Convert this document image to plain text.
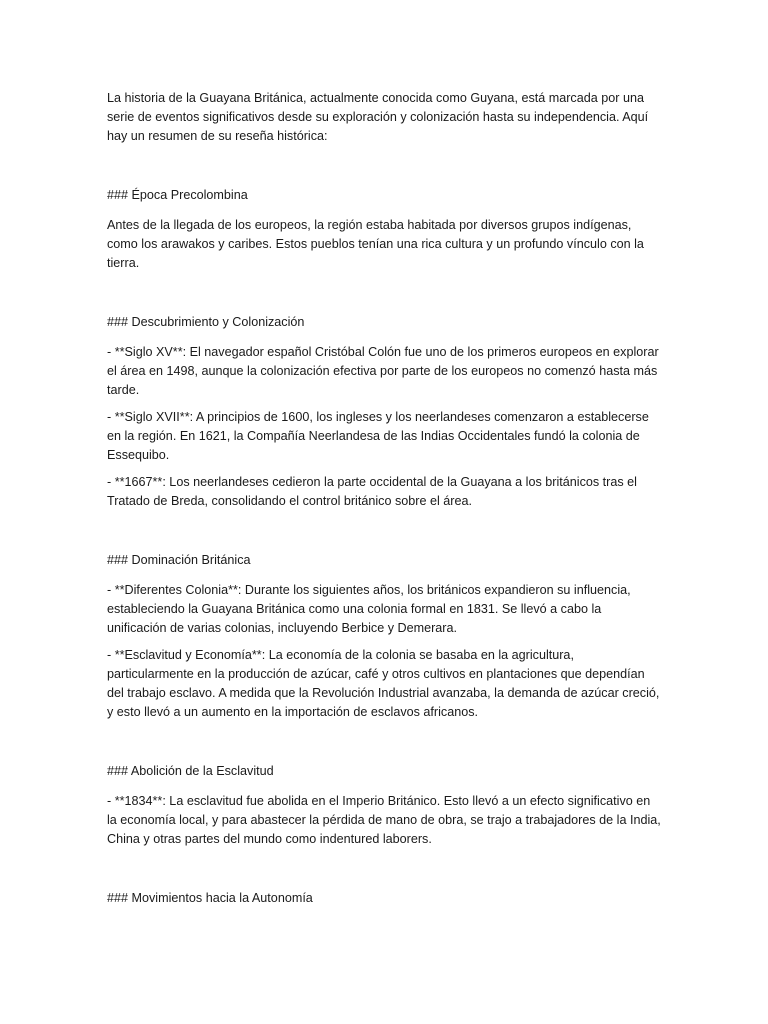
La historia de la Guayana Británica, actualmente conocida como Guyana, está marcada por una serie de eventos significativos desde su exploración y colonización hasta su independencia. Aquí hay un resumen de su reseña histórica:

### Época Precolombina

Antes de la llegada de los europeos, la región estaba habitada por diversos grupos indígenas, como los arawakos y caribes. Estos pueblos tenían una rica cultura y un profundo vínculo con la tierra.

### Descubrimiento y Colonización

- **Siglo XV**: El navegador español Cristóbal Colón fue uno de los primeros europeos en explorar el área en 1498, aunque la colonización efectiva por parte de los europeos no comenzó hasta más tarde.

- **Siglo XVII**: A principios de 1600, los ingleses y los neerlandeses comenzaron a establecerse en la región. En 1621, la Compañía Neerlandesa de las Indias Occidentales fundó la colonia de Essequibo.

- **1667**: Los neerlandeses cedieron la parte occidental de la Guayana a los británicos tras el Tratado de Breda, consolidando el control británico sobre el área.

### Dominación Británica

- **Diferentes Colonia**: Durante los siguientes años, los británicos expandieron su influencia, estableciendo la Guayana Británica como una colonia formal en 1831. Se llevó a cabo la unificación de varias colonias, incluyendo Berbice y Demerara.

- **Esclavitud y Economía**: La economía de la colonia se basaba en la agricultura, particularmente en la producción de azúcar, café y otros cultivos en plantaciones que dependían del trabajo esclavo. A medida que la Revolución Industrial avanzaba, la demanda de azúcar creció, y esto llevó a un aumento en la importación de esclavos africanos.

### Abolición de la Esclavitud

- **1834**: La esclavitud fue abolida en el Imperio Británico. Esto llevó a un efecto significativo en la economía local, y para abastecer la pérdida de mano de obra, se trajo a trabajadores de la India, China y otras partes del mundo como indentured laborers.

### Movimientos hacia la Autonomía
